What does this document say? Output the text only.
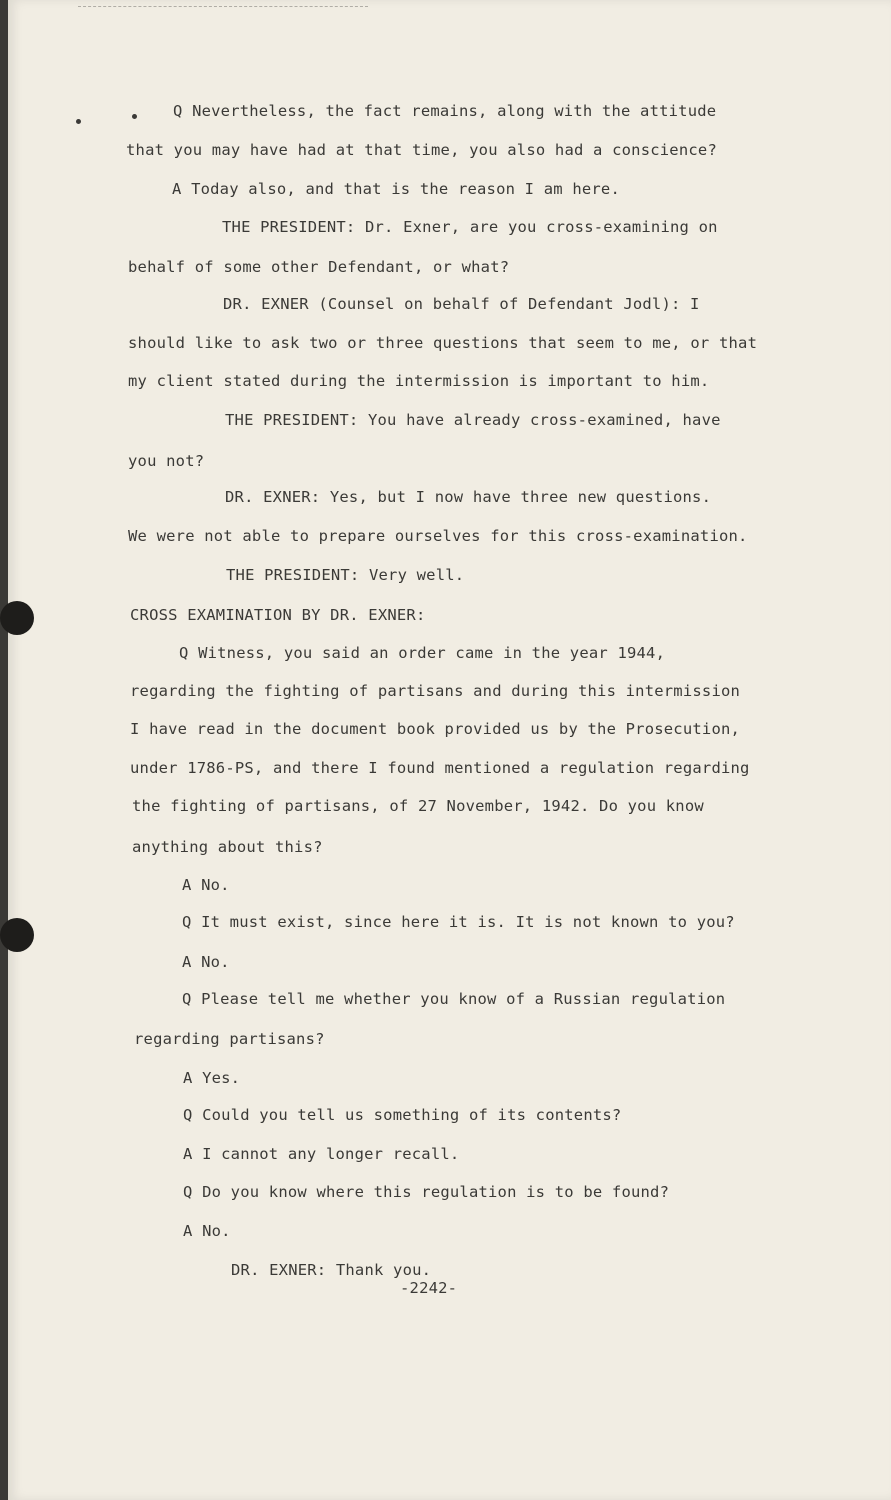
Q Nevertheless, the fact remains, along with the attitude
that you may have had at that time, you also had a conscience?
A Today also, and that is the reason I am here.
THE PRESIDENT: Dr. Exner, are you cross-examining on
behalf of some other Defendant, or what?
DR. EXNER (Counsel on behalf of Defendant Jodl): I
should like to ask two or three questions that seem to me, or that
my client stated during the intermission is important to him.
THE PRESIDENT: You have already cross-examined, have
you not?
DR. EXNER: Yes, but I now have three new questions.
We were not able to prepare ourselves for this cross-examination.
THE PRESIDENT: Very well.
CROSS EXAMINATION BY DR. EXNER:
Q Witness, you said an order came in the year 1944,
regarding the fighting of partisans and during this intermission
I have read in the document book provided us by the Prosecution,
under 1786-PS, and there I found mentioned a regulation regarding
the fighting of partisans, of 27 November, 1942. Do you know
anything about this?
A No.
Q It must exist, since here it is. It is not known to you?
A No.
Q Please tell me whether you know of a Russian regulation
regarding partisans?
A Yes.
Q Could you tell us something of its contents?
A I cannot any longer recall.
Q Do you know where this regulation is to be found?
A No.
DR. EXNER: Thank you.
-2242-
